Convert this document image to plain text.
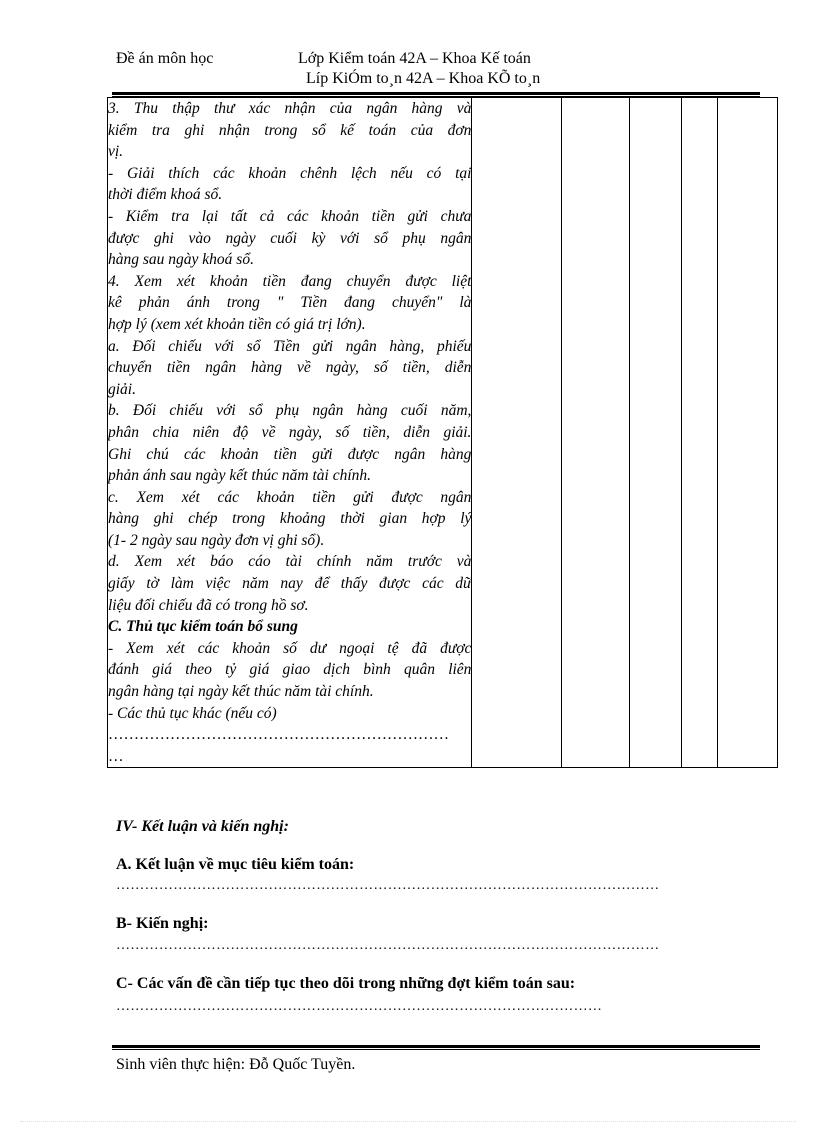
Đề án môn học	Lớp Kiểm toán 42A – Khoa Kế toán
Líp KiÓm to¸n 42A – Khoa KÕ to¸n
3. Thu thập thư xác nhận của ngân hàng và
kiểm tra ghi nhận trong sổ kế toán của đơn
vị.
- Giải thích các khoản chênh lệch nếu có tại
thời điểm khoá sổ.
- Kiểm tra lại tất cả các khoản tiền gửi chưa
được ghi vào ngày cuối kỳ với sổ phụ ngân
hàng sau ngày khoá sổ.
4. Xem xét khoản tiền đang chuyển được liệt
kê phản ánh trong " Tiền đang chuyển" là
hợp lý (xem xét khoản tiền có giá trị lớn).
a. Đối chiếu với sổ Tiền gửi ngân hàng, phiếu
chuyển tiền ngân hàng về ngày, số tiền, diễn
giải.
b. Đối chiếu với sổ phụ ngân hàng cuối năm,
phân chia niên độ về ngày, số tiền, diễn giải.
Ghi chú các khoản tiền gửi được ngân hàng
phản ánh sau ngày kết thúc năm tài chính.
c. Xem xét các khoản tiền gửi được ngân
hàng ghi chép trong khoảng thời gian hợp lý
(1- 2 ngày sau ngày đơn vị ghi sổ).
d. Xem xét báo cáo tài chính năm trước và
giấy tờ làm việc năm nay để thấy được các dữ
liệu đối chiếu đã có trong hồ sơ.
C. Thủ tục kiểm toán bổ sung
- Xem xét các khoản số dư ngoại tệ đã được
đánh giá theo tỷ giá giao dịch bình quân liên
ngân hàng tại ngày kết thúc năm tài chính.
- Các thủ tục khác (nếu có)
…………………………………………………………
…

IV- Kết luận và kiến nghị:
A. Kết luận về mục tiêu kiểm toán:
……………………………………………………………………………………………………
B- Kiến nghị:
……………………………………………………………………………………………………
C- Các vấn đề cần tiếp tục theo dõi trong những đợt kiểm toán sau:
…………………………………………………………………………………………
Sinh viên thực hiện: Đỗ Quốc Tuyền.
